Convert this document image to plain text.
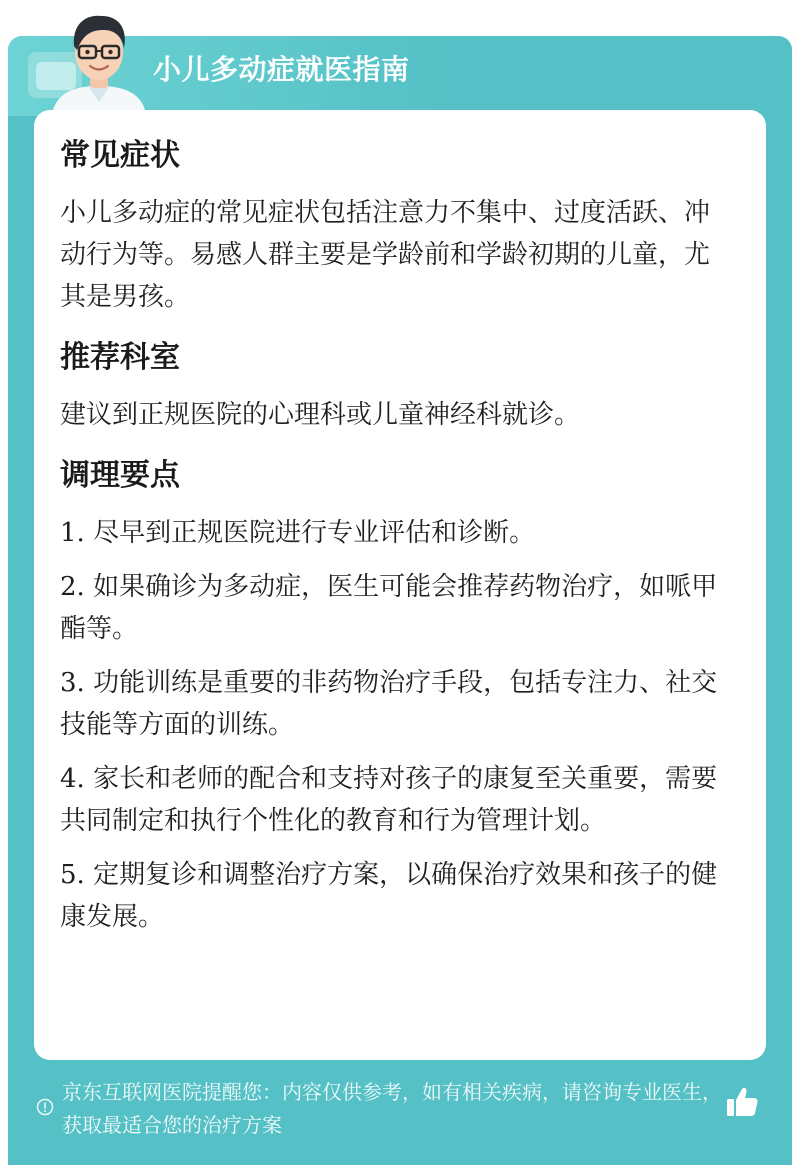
小儿多动症就医指南
常见症状
小儿多动症的常见症状包括注意力不集中、过度活跃、冲动行为等。易感人群主要是学龄前和学龄初期的儿童，尤其是男孩。
推荐科室
建议到正规医院的心理科或儿童神经科就诊。
调理要点
1. 尽早到正规医院进行专业评估和诊断。
2. 如果确诊为多动症，医生可能会推荐药物治疗，如哌甲酯等。
3. 功能训练是重要的非药物治疗手段，包括专注力、社交技能等方面的训练。
4. 家长和老师的配合和支持对孩子的康复至关重要，需要共同制定和执行个性化的教育和行为管理计划。
5. 定期复诊和调整治疗方案，以确保治疗效果和孩子的健康发展。
京东互联网医院提醒您：内容仅供参考，如有相关疾病，请咨询专业医生，获取最适合您的治疗方案
